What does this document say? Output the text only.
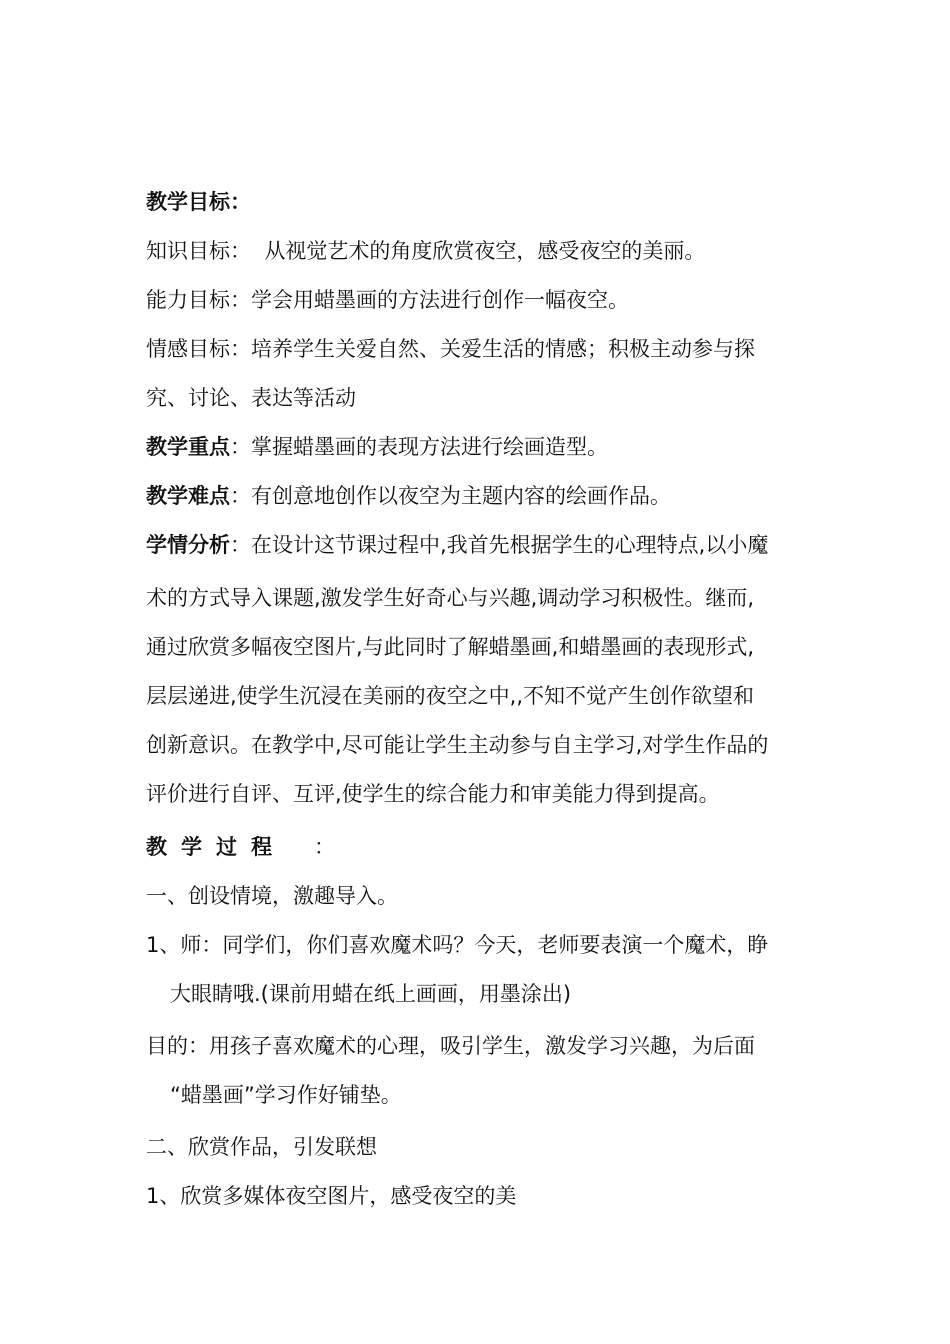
教学目标：
知识目标：  从视觉艺术的角度欣赏夜空，感受夜空的美丽。
能力目标：学会用蜡墨画的方法进行创作一幅夜空。
情感目标：培养学生关爱自然、关爱生活的情感；积极主动参与探
究、讨论、表达等活动
教学重点：掌握蜡墨画的表现方法进行绘画造型。
教学难点：有创意地创作以夜空为主题内容的绘画作品。
学情分析：在设计这节课过程中,我首先根据学生的心理特点,以小魔
术的方式导入课题,激发学生好奇心与兴趣,调动学习积极性。继而,
通过欣赏多幅夜空图片,与此同时了解蜡墨画,和蜡墨画的表现形式,
层层递进,使学生沉浸在美丽的夜空之中,,不知不觉产生创作欲望和
创新意识。在教学中,尽可能让学生主动参与自主学习,对学生作品的
评价进行自评、互评,使学生的综合能力和审美能力得到提高。
教学过程 ：
一、创设情境，激趣导入。
1、师：同学们，你们喜欢魔术吗？今天，老师要表演一个魔术，睁
大眼睛哦.(课前用蜡在纸上画画，用墨涂出)
目的：用孩子喜欢魔术的心理，吸引学生，激发学习兴趣，为后面
“蜡墨画”学习作好铺垫。
二、欣赏作品，引发联想
1、欣赏多媒体夜空图片，感受夜空的美
